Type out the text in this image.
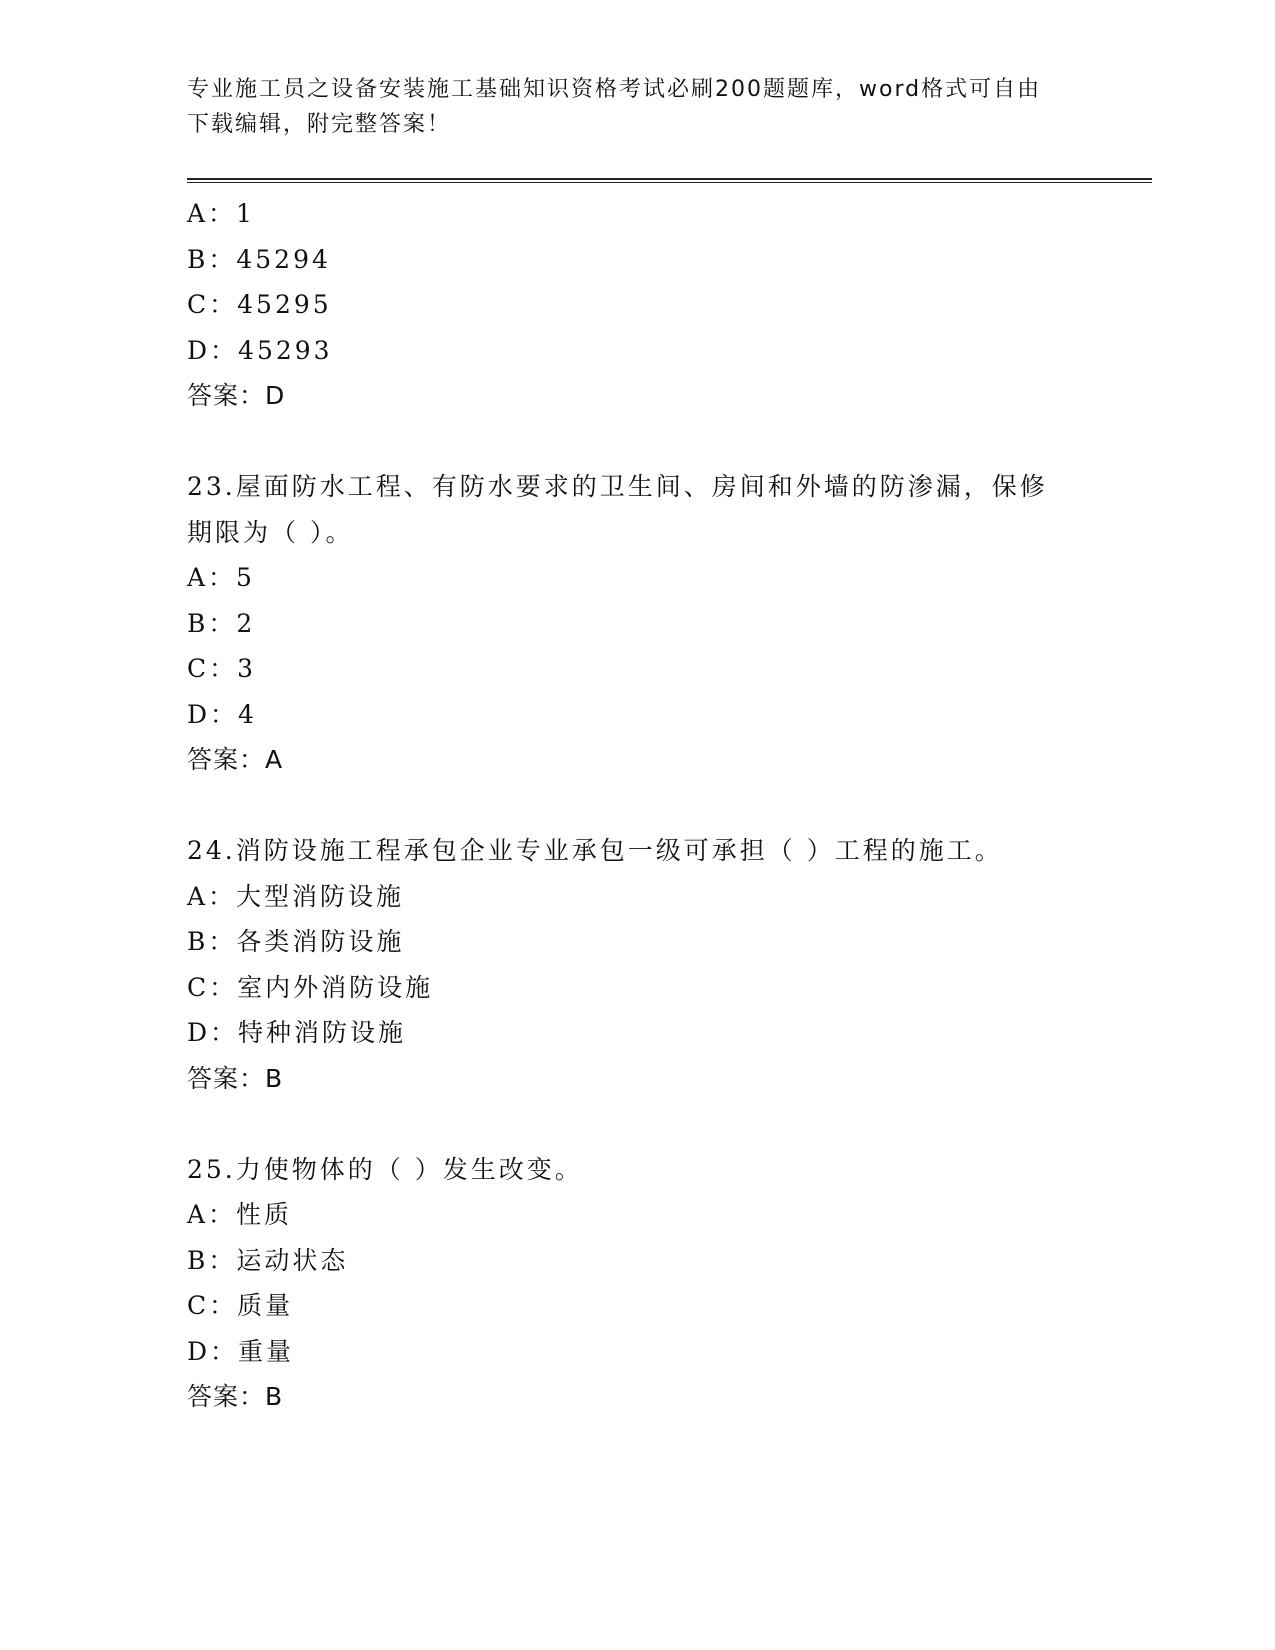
专业施工员之设备安装施工基础知识资格考试必刷200题题库，word格式可自由
下载编辑，附完整答案！
A：1
B：45294
C：45295
D：45293
答案：D
23.屋面防水工程、有防水要求的卫生间、房间和外墙的防渗漏，保修
期限为（ ）。
A：5
B：2
C：3
D：4
答案：A
24.消防设施工程承包企业专业承包一级可承担（ ）工程的施工。
A：大型消防设施
B：各类消防设施
C：室内外消防设施
D：特种消防设施
答案：B
25.力使物体的（ ）发生改变。
A：性质
B：运动状态
C：质量
D：重量
答案：B
